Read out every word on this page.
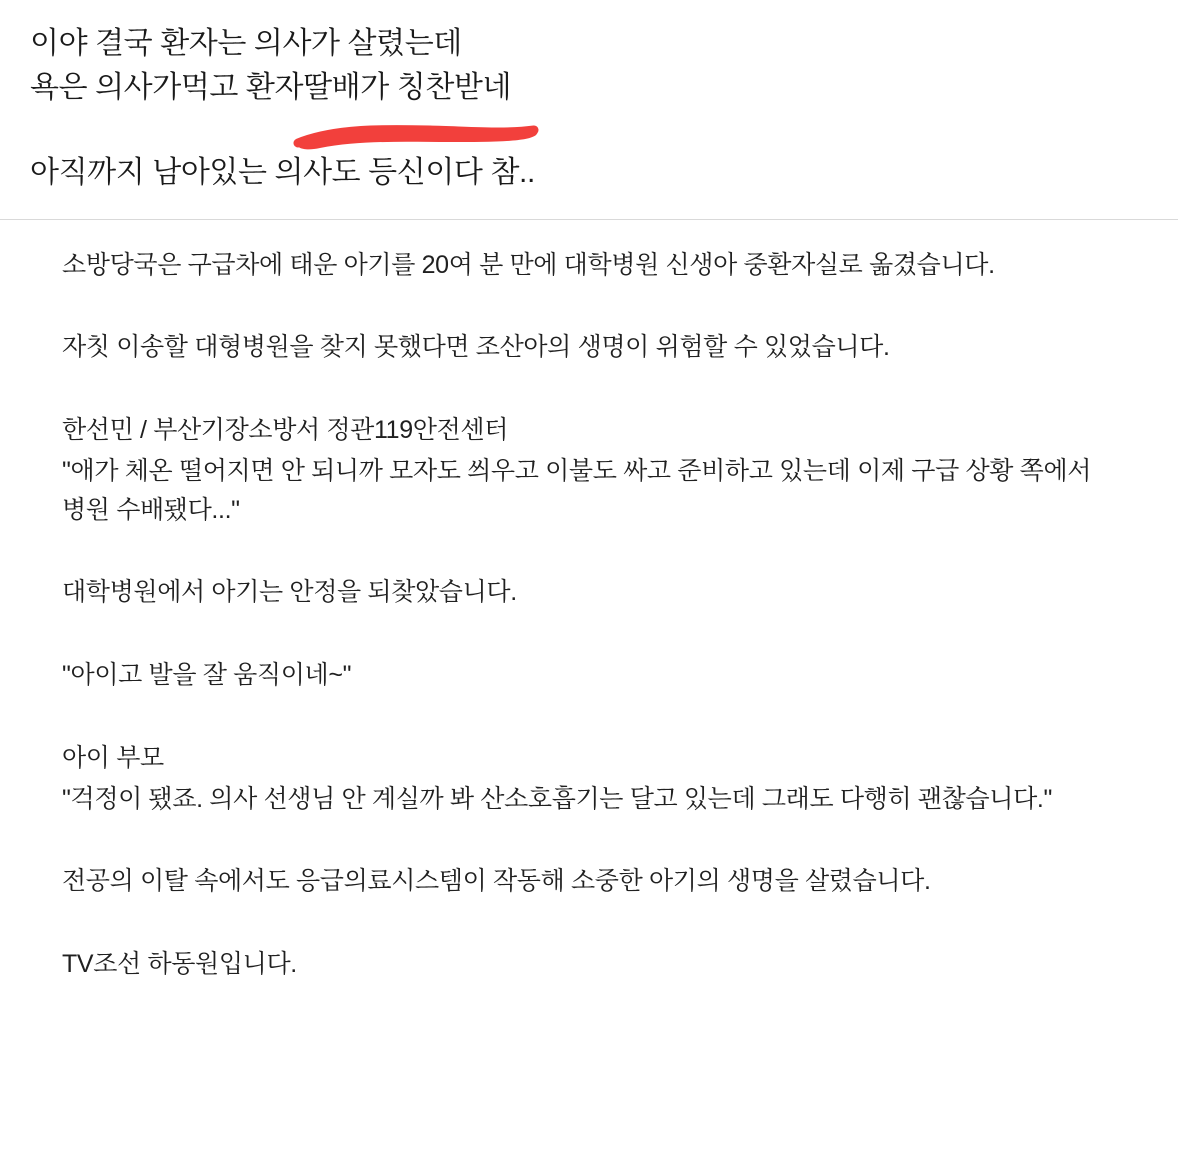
이야 결국 환자는 의사가 살렸는데
욕은 의사가먹고 환자딸배가 칭찬받네
아직까지 남아있는 의사도 등신이다 참..

소방당국은 구급차에 태운 아기를 20여 분 만에 대학병원 신생아 중환자실로 옮겼습니다.

자칫 이송할 대형병원을 찾지 못했다면 조산아의 생명이 위험할 수 있었습니다.

한선민 / 부산기장소방서 정관119안전센터

"애가 체온 떨어지면 안 되니까 모자도 씌우고 이불도 싸고 준비하고 있는데 이제 구급 상황 쪽에서 병원 수배됐다..."

대학병원에서 아기는 안정을 되찾았습니다.

"아이고 발을 잘 움직이네~"

아이 부모

"걱정이 됐죠. 의사 선생님 안 계실까 봐 산소호흡기는 달고 있는데 그래도 다행히 괜찮습니다."

전공의 이탈 속에서도 응급의료시스템이 작동해 소중한 아기의 생명을 살렸습니다.

TV조선 하동원입니다.
